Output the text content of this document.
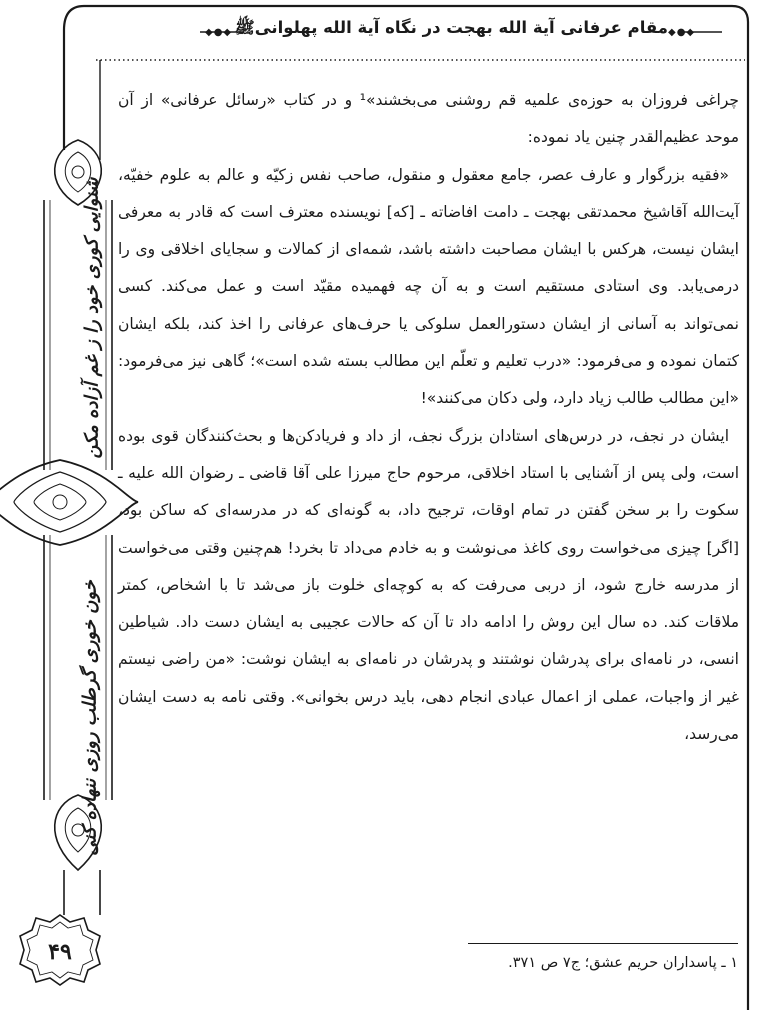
◆●◆
◆●◆ مقام عرفانی آیة الله بهجت در نگاه آیة الله پهلوانیﷺ
شنوایی کوری خود را ز غم آزاده مکن
خون خوری گرطلب روزی ننهاده کنی
۴۹

چراغی فروزان به حوزه‌ی علمیه قم روشنی می‌بخشند»¹ و در کتاب «رسائل عرفانی» از آن موحد عظیم‌القدر چنین یاد نموده:

«فقیه بزرگوار و عارف عصر، جامع معقول و منقول، صاحب نفس زکیّه و عالم به علوم خفیّه، آیت‌الله آقاشیخ محمدتقی بهجت ـ دامت افاضاته ـ [که] نویسنده معترف است که قادر به معرفی ایشان نیست، هرکس با ایشان مصاحبت داشته باشد، شمه‌ای از کمالات و سجایای اخلاقی وی را درمی‌یابد. وی استادی مستقیم است و به آن چه فهمیده مقیّد است و عمل می‌کند. کسی نمی‌تواند به آسانی از ایشان دستورالعمل سلوکی یا حرف‌های عرفانی را اخذ کند، بلکه ایشان کتمان نموده و می‌فرمود: «درب تعلیم و تعلّم این مطالب بسته شده است»؛ گاهی نیز می‌فرمود: «این مطالب طالب زیاد دارد، ولی دکان می‌کنند»!

ایشان در نجف، در درس‌های استادان بزرگ نجف، از داد و فریادکن‌ها و بحث‌کنندگان قوی بوده است، ولی پس از آشنایی با استاد اخلاقی، مرحوم حاج میرزا علی آقا قاضی ـ رضوان الله علیه ـ سکوت را بر سخن گفتن در تمام اوقات، ترجیح داد، به گونه‌ای که در مدرسه‌ای که ساکن بود، [اگر] چیزی می‌خواست روی کاغذ می‌نوشت و به خادم می‌داد تا بخرد! هم‌چنین وقتی می‌خواست از مدرسه خارج شود، از دربی می‌رفت که به کوچه‌ای خلوت باز می‌شد تا با اشخاص، کمتر ملاقات کند. ده سال این روش را ادامه داد تا آن که حالات عجیبی به ایشان دست داد. شیاطین انسی، در نامه‌ای برای پدرشان نوشتند و پدرشان در نامه‌ای به ایشان نوشت: «من راضی نیستم غیر از واجبات، عملی از اعمال عبادی انجام دهی، باید درس بخوانی». وقتی نامه به دست ایشان می‌رسد،

۱ ـ پاسداران حریم عشق؛ ج۷ ص ۳۷۱.
